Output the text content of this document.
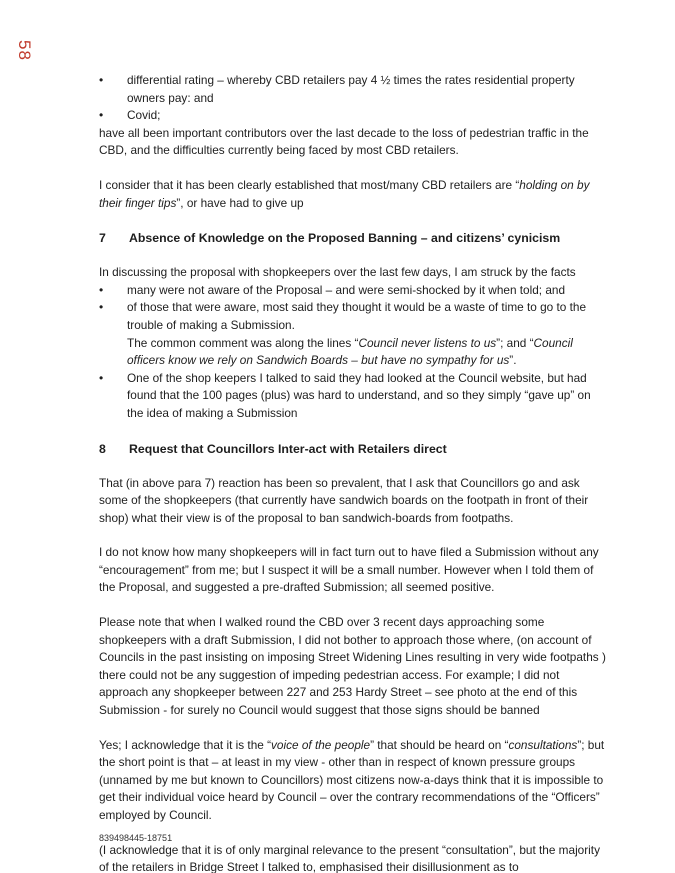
58
•
differential rating – whereby CBD retailers pay 4 ½ times the rates residential property owners pay: and
•
Covid;

have all been important contributors over the last decade to the loss of pedestrian traffic in the CBD, and the difficulties currently being faced by most CBD retailers.

I consider that it has been clearly established that most/many CBD retailers are “holding on by their finger tips”, or have had to give up

7	Absence of Knowledge on the Proposed Banning – and citizens’ cynicism

In discussing the proposal with shopkeepers over the last few days, I am struck by the facts

•
many were not aware of the Proposal – and were semi-shocked by it when told; and
•
of those that were aware, most said they thought it would be a waste of time to go to the trouble of making a Submission.
The common comment was along the lines “Council never listens to us”; and “Council officers know we rely on Sandwich Boards – but have no sympathy for us”.
•
One of the shop keepers I talked to said they had looked at the Council website, but had found that the 100 pages (plus) was hard to understand, and so they simply “gave up” on the idea of making a Submission
8	Request that Councillors Inter-act with Retailers direct

That (in above para 7) reaction has been so prevalent, that I ask that Councillors go and ask some of the shopkeepers (that currently have sandwich boards on the footpath in front of their shop) what their view is of the proposal to ban sandwich-boards from footpaths.

I do not know how many shopkeepers will in fact turn out to have filed a Submission without any “encouragement” from me; but I suspect it will be a small number. However when I told them of the Proposal, and suggested a pre-drafted Submission; all seemed positive.

Please note that when I walked round the CBD over 3 recent days approaching some shopkeepers with a draft Submission, I did not bother to approach those where, (on account of Councils in the past insisting on imposing Street Widening Lines resulting in very wide footpaths ) there could not be any suggestion of impeding pedestrian access. For example; I did not approach any shopkeeper between 227 and 253 Hardy Street – see photo at the end of this Submission - for surely no Council would suggest that those signs should be banned

Yes; I acknowledge that it is the “voice of the people” that should be heard on “consultations”; but the short point is that – at least in my view - other than in respect of known pressure groups (unnamed by me but known to Councillors) most citizens now-a-days think that it is impossible to get their individual voice heard by Council – over the contrary recommendations of the “Officers” employed by Council.

(I acknowledge that it is of only marginal relevance to the present “consultation”, but the majority of the retailers in Bridge Street I talked to, emphasised their disillusionment as to

839498445-18751
